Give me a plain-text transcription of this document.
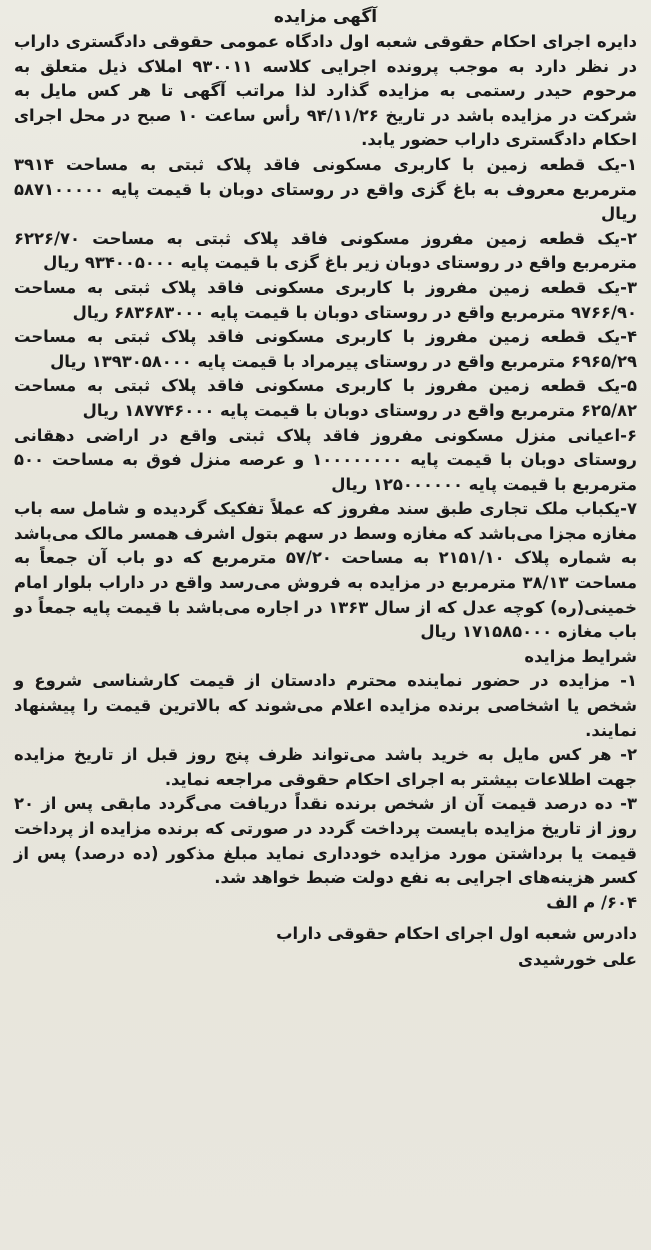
آگهی مزایده

دایره اجرای احکام حقوقی شعبه اول دادگاه عمومی حقوقی دادگستری داراب در نظر دارد به موجب پرونده اجرایی کلاسه ۹۳۰۰۱۱ املاک ذیل متعلق به مرحوم حیدر رستمی به مزایده گذارد لذا مراتب آگهی تا هر کس مایل به شرکت در مزایده باشد در تاریخ ۹۴/۱۱/۲۶ رأس ساعت ۱۰ صبح در محل اجرای احکام دادگستری داراب حضور یابد.

۱-یک قطعه زمین با کاربری مسکونی فاقد پلاک ثبتی به مساحت ۳۹۱۴ مترمربع معروف به باغ گزی واقع در روستای دوبان با قیمت پایه ۵۸۷۱۰۰۰۰۰ ریال

۲-یک قطعه زمین مفروز مسکونی فاقد پلاک ثبتی به مساحت ۶۲۲۶/۷۰ مترمربع واقع در روستای دوبان زیر باغ گزی با قیمت پایه ۹۳۴۰۰۵۰۰۰ ریال

۳-یک قطعه زمین مفروز با کاربری مسکونی فاقد پلاک ثبتی به مساحت ۹۷۶۶/۹۰ مترمربع واقع در روستای دوبان با قیمت پایه ۶۸۳۶۸۳۰۰۰ ریال

۴-یک قطعه زمین مفروز با کاربری مسکونی فاقد پلاک ثبتی به مساحت ۶۹۶۵/۲۹ مترمربع واقع در روستای پیرمراد با قیمت پایه ۱۳۹۳۰۵۸۰۰۰ ریال

۵-یک قطعه زمین مفروز با کاربری مسکونی فاقد پلاک ثبتی به مساحت ۶۲۵/۸۲ مترمربع واقع در روستای دوبان با قیمت پایه ۱۸۷۷۴۶۰۰۰ ریال

۶-اعیانی منزل مسکونی مفروز فاقد پلاک ثبتی واقع در اراضی دهقانی روستای دوبان با قیمت پایه ۱۰۰۰۰۰۰۰۰ و عرصه منزل فوق به مساحت ۵۰۰ مترمربع با قیمت پایه ۱۲۵۰۰۰۰۰۰ ریال

۷-یکباب ملک تجاری طبق سند مفروز که عملاً تفکیک گردیده و شامل سه باب مغازه مجزا می‌باشد که مغازه وسط در سهم بتول اشرف همسر مالک می‌باشد به شماره پلاک ۲۱۵۱/۱۰ به مساحت ۵۷/۲۰ مترمربع که دو باب آن جمعاً به مساحت ۳۸/۱۳ مترمربع در مزایده به فروش می‌رسد واقع در داراب بلوار امام خمینی(ره) کوچه عدل که از سال ۱۳۶۳ در اجاره می‌باشد با قیمت پایه جمعاً دو باب مغازه ۱۷۱۵۸۵۰۰۰ ریال

شرایط مزایده

۱- مزایده در حضور نماینده محترم دادستان از قیمت کارشناسی شروع و شخص یا اشخاصی برنده مزایده اعلام می‌شوند که بالاترین قیمت را پیشنهاد نمایند.

۲- هر کس مایل به خرید باشد می‌تواند ظرف پنج روز قبل از تاریخ مزایده جهت اطلاعات بیشتر به اجرای احکام حقوقی مراجعه نماید.

۳- ده درصد قیمت آن از شخص برنده نقداً دریافت می‌گردد مابقی پس از ۲۰ روز از تاریخ مزایده بایست پرداخت گردد در صورتی که برنده مزایده از پرداخت قیمت یا برداشتن مورد مزایده خودداری نماید مبلغ مذکور (ده درصد) پس از کسر هزینه‌های اجرایی به نفع دولت ضبط خواهد شد.

۶۰۴/ م الف

دادرس شعبه اول اجرای احکام حقوقی داراب

علی خورشیدی
